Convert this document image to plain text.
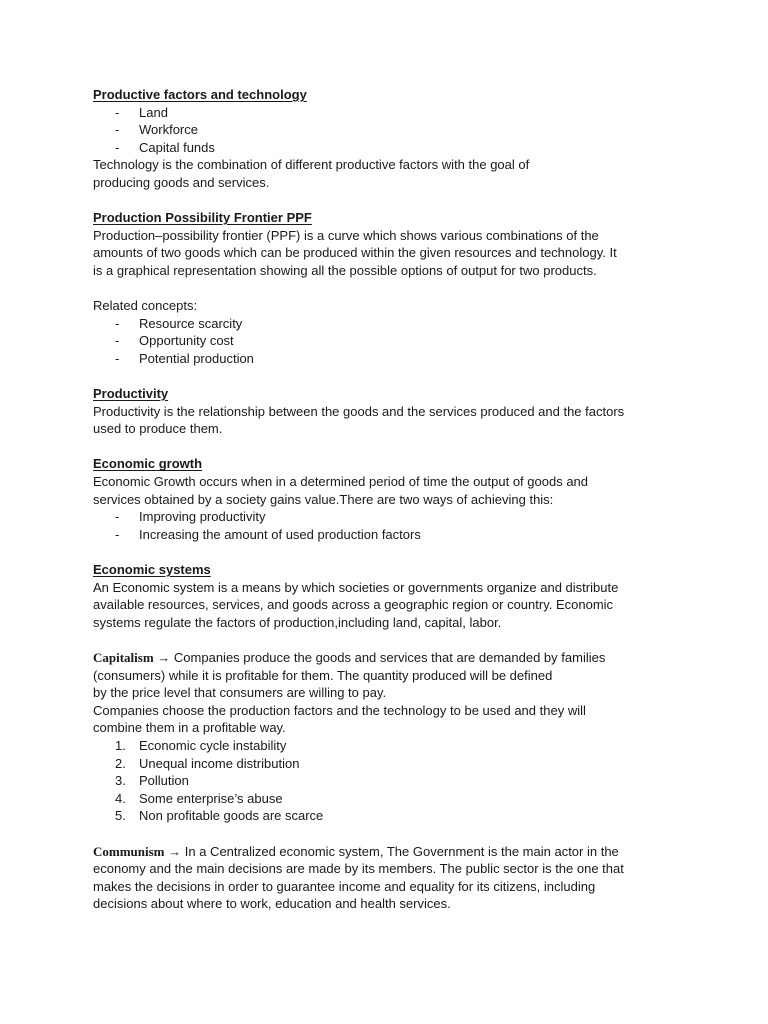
Productive factors and technology
-	Land
-	Workforce
-	Capital funds
Technology is the combination of different productive factors with the goal of
producing goods and services.
Production Possibility Frontier PPF
Production–possibility frontier (PPF) is a curve which shows various combinations of the
amounts of two goods which can be produced within the given resources and technology. It
is a graphical representation showing all the possible options of output for two products.
Related concepts:
-	Resource scarcity
-	Opportunity cost
-	Potential production
Productivity
Productivity is the relationship between the goods and the services produced and the factors
used to produce them.
Economic growth
Economic Growth occurs when in a determined period of time the output of goods and
services obtained by a society gains value.There are two ways of achieving this:
-	Improving productivity
-	Increasing the amount of used production factors
Economic systems
An Economic system is a means by which societies or governments organize and distribute
available resources, services, and goods across a geographic region or country. Economic
systems regulate the factors of production,including land, capital, labor.
Capitalism → Companies produce the goods and services that are demanded by families
(consumers) while it is profitable for them. The quantity produced will be defined
by the price level that consumers are willing to pay.
Companies choose the production factors and the technology to be used and they will
combine them in a profitable way.
1.	Economic cycle instability
2.	Unequal income distribution
3.	Pollution
4.	Some enterprise’s abuse
5.	Non profitable goods are scarce
Communism → In a Centralized economic system, The Government is the main actor in the
economy and the main decisions are made by its members. The public sector is the one that
makes the decisions in order to guarantee income and equality for its citizens, including
decisions about where to work, education and health services.
